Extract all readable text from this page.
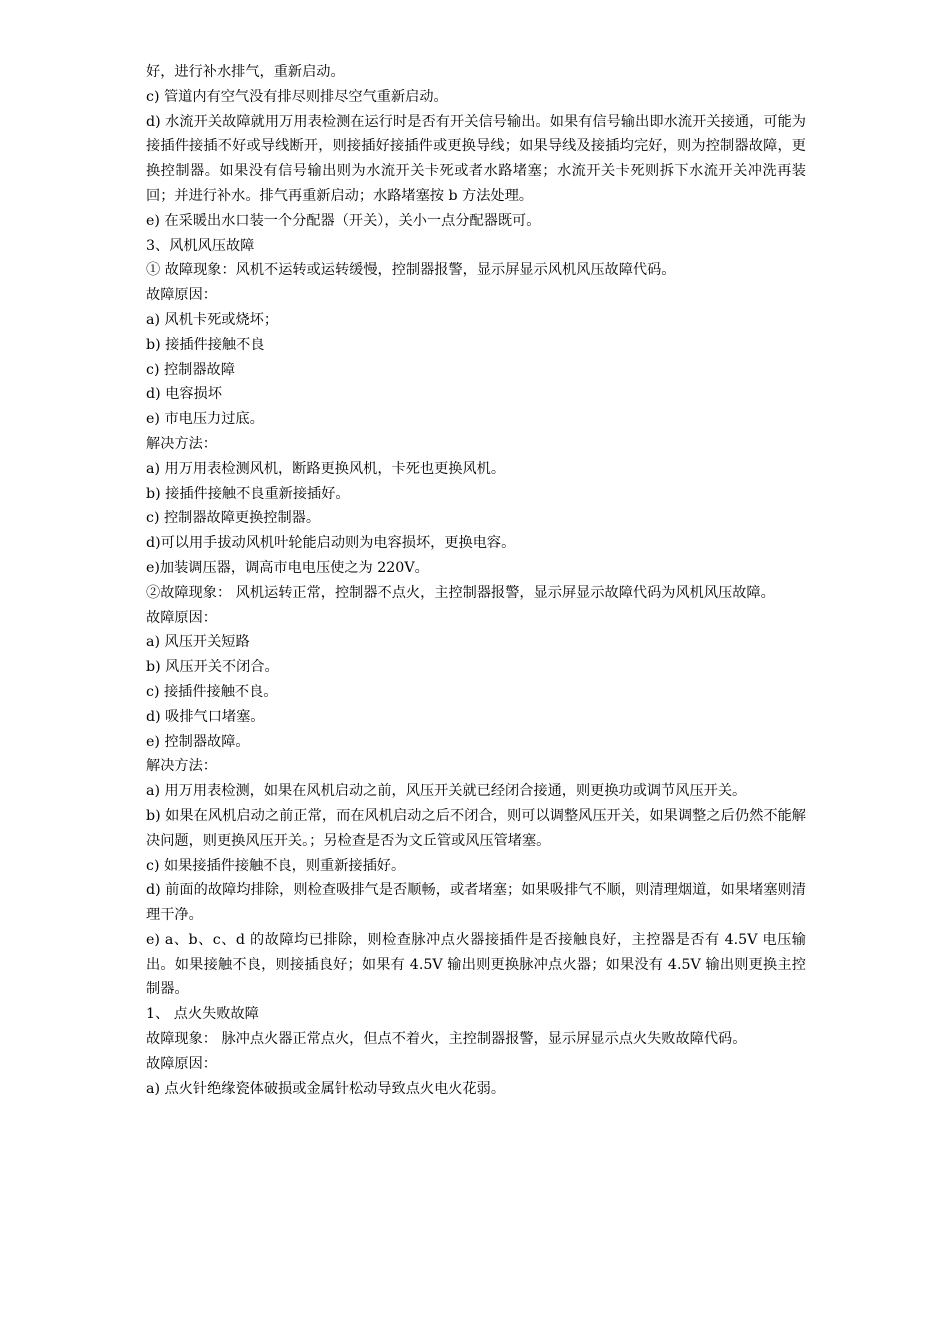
好，进行补水排气，重新启动。

c) 管道内有空气没有排尽则排尽空气重新启动。

d) 水流开关故障就用万用表检测在运行时是否有开关信号输出。如果有信号输出即水流开关接通，可能为接插件接插不好或导线断开，则接插好接插件或更换导线；如果导线及接插均完好，则为控制器故障，更换控制器。如果没有信号输出则为水流开关卡死或者水路堵塞；水流开关卡死则拆下水流开关冲洗再装回；并进行补水。排气再重新启动；水路堵塞按 b 方法处理。

e) 在采暖出水口装一个分配器（开关），关小一点分配器既可。

3、风机风压故障

① 故障现象：风机不运转或运转缓慢，控制器报警，显示屏显示风机风压故障代码。

故障原因：

a) 风机卡死或烧坏；

b) 接插件接触不良

c) 控制器故障

d) 电容损坏

e) 市电压力过底。

解决方法：

a) 用万用表检测风机，断路更换风机，卡死也更换风机。

b) 接插件接触不良重新接插好。

c) 控制器故障更换控制器。

d)可以用手拔动风机叶轮能启动则为电容损坏，更换电容。

e)加装调压器，调高市电电压使之为 220V。

②故障现象： 风机运转正常，控制器不点火，主控制器报警，显示屏显示故障代码为风机风压故障。

故障原因：

a) 风压开关短路

b) 风压开关不闭合。

c) 接插件接触不良。

d) 吸排气口堵塞。

e) 控制器故障。

解决方法：

a) 用万用表检测，如果在风机启动之前，风压开关就已经闭合接通，则更换功或调节风压开关。

b) 如果在风机启动之前正常，而在风机启动之后不闭合，则可以调整风压开关，如果调整之后仍然不能解决问题，则更换风压开关。；另检查是否为文丘管或风压管堵塞。

c) 如果接插件接触不良，则重新接插好。

d) 前面的故障均排除，则检查吸排气是否顺畅，或者堵塞；如果吸排气不顺，则清理烟道，如果堵塞则清理干净。

e) a、b、c、d 的故障均已排除，则检查脉冲点火器接插件是否接触良好，主控器是否有 4.5V 电压输出。如果接触不良，则接插良好；如果有 4.5V 输出则更换脉冲点火器；如果没有 4.5V 输出则更换主控制器。

1、 点火失败故障

故障现象： 脉冲点火器正常点火，但点不着火，主控制器报警，显示屏显示点火失败故障代码。

故障原因：

a) 点火针绝缘瓷体破损或金属针松动导致点火电火花弱。
